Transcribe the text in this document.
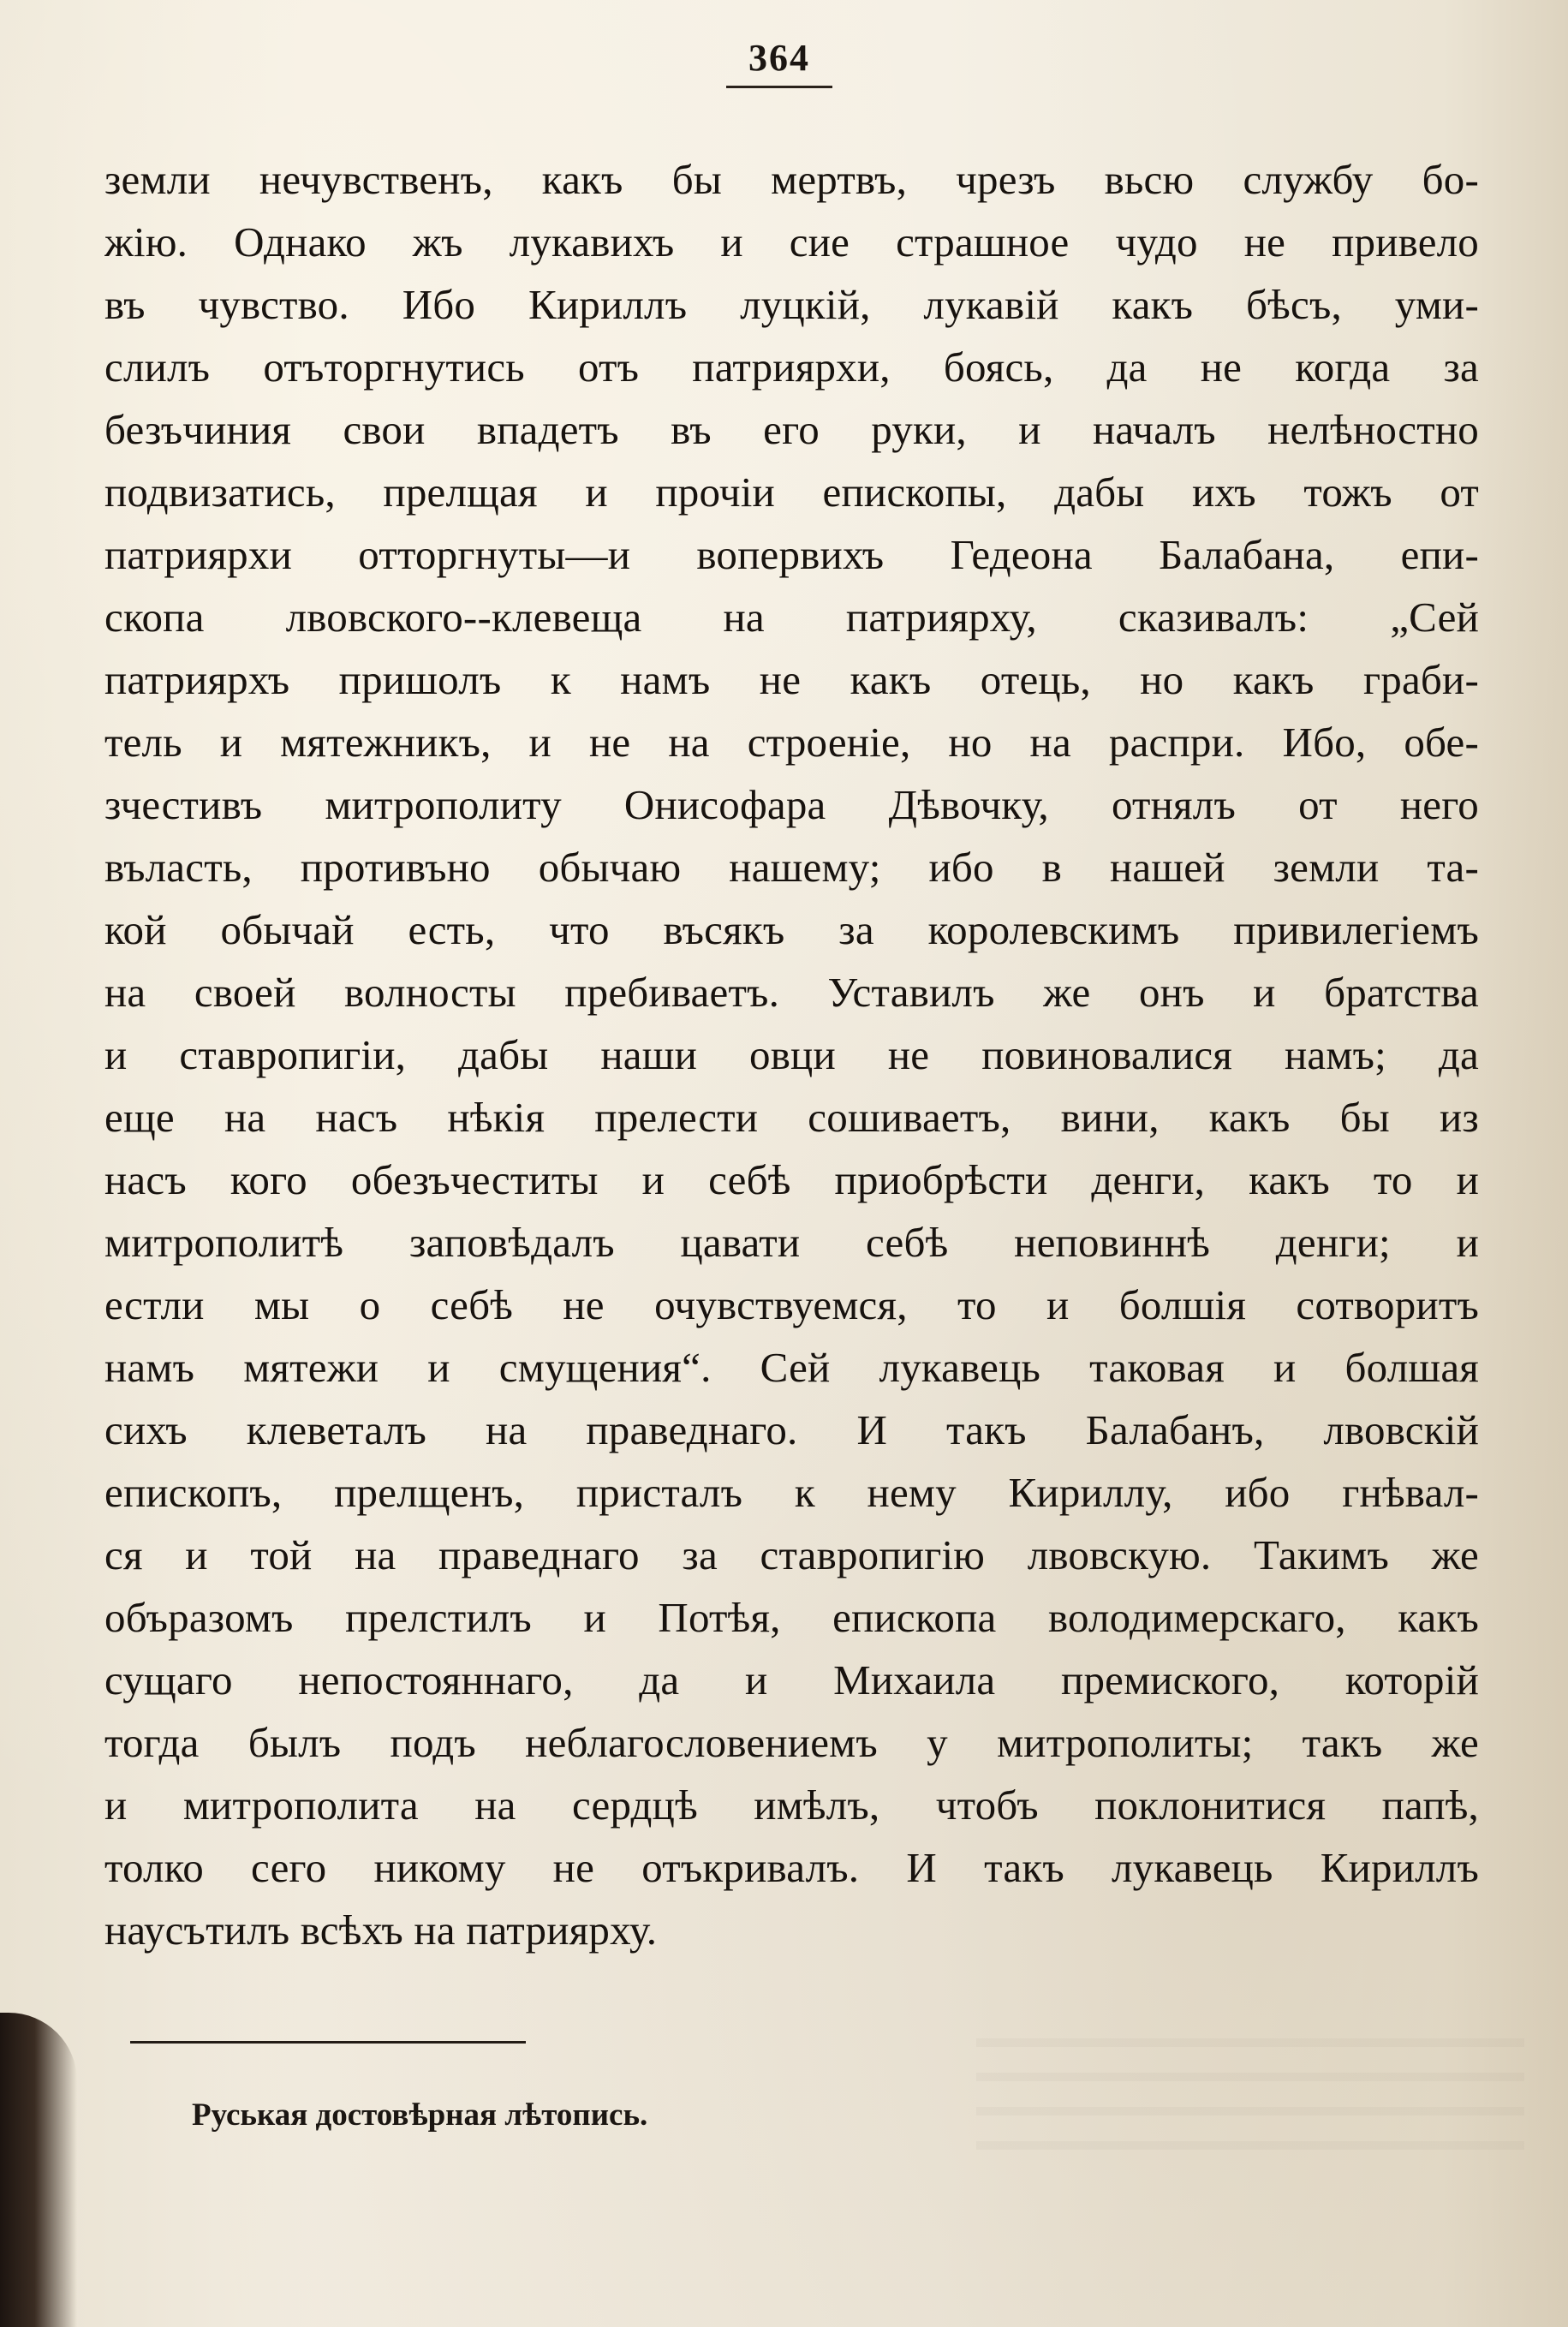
364
земли нечувственъ, какъ бы мертвъ, чрезъ вьсю службу бо-
жію. Однако жъ лукавихъ и сие страшное чудо не привело
въ чувство. Ибо Кириллъ луцкій, лукавій какъ бѣсъ, уми-
слилъ отъторгнутись отъ патриярхи, боясь, да не когда за
безъчиния свои впадетъ въ его руки, и началъ нелѣностно
подвизатись, прелщая и прочіи епископы, дабы ихъ тожъ от
патриярхи отторгнуты—и вопервихъ Гедеона Балабана, епи-
скопа лвовского--клевеща на патриярху, сказивалъ: „Сей
патриярхъ пришолъ к намъ не какъ отець, но какъ граби-
тель и мятежникъ, и не на строеніе, но на распри. Ибо, обе-
зчестивъ митрополиту Онисофара Дѣвочку, отнялъ от него
въласть, противъно обычаю нашему; ибо в нашей земли та-
кой обычай есть, что въсякъ за королевскимъ привилегіемъ
на своей волносты пребиваетъ. Уставилъ же онъ и братства
и ставропигіи, дабы наши овци не повиновалися намъ; да
еще на насъ нѣкія прелести сошиваетъ, вини, какъ бы из
насъ кого обезъчеститы и себѣ приобрѣсти денги, какъ то и
митрополитѣ заповѣдалъ цавати себѣ неповиннѣ денги; и
естли мы о себѣ не очувствуемся, то и болшія сотворитъ
намъ мятежи и смущения“. Сей лукавець таковая и болшая
сихъ клеветалъ на праведнаго. И такъ Балабанъ, лвовскій
епископъ, прелщенъ, присталъ к нему Кириллу, ибо гнѣвал-
ся и той на праведнаго за ставропигію лвовскую. Такимъ же
объразомъ прелстилъ и Потѣя, епископа володимерскаго, какъ
сущаго непостояннаго, да и Михаила премиского, которій
тогда былъ подъ неблагословениемъ у митрополиты; такъ же
и митрополита на сердцѣ имѣлъ, чтобъ поклонитися папѣ,
толко сего никому не отъкривалъ. И такъ лукавець Кириллъ
наусътилъ всѣхъ на патриярху.
Руськая достовѣрная лѣтопись.
